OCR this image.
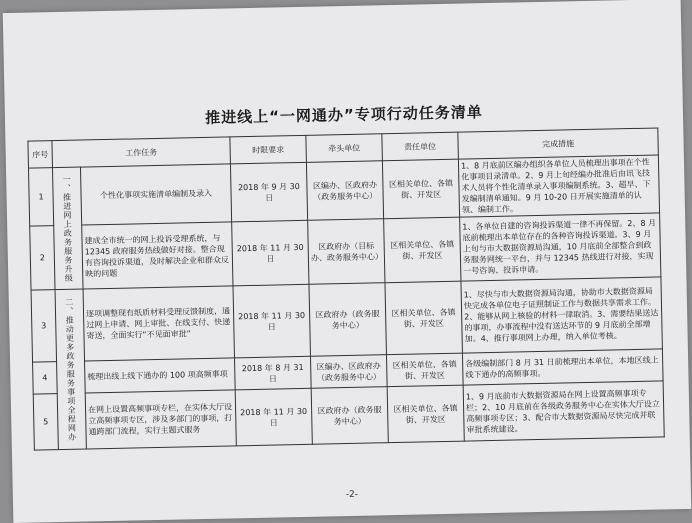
推进线上“一网通办”专项行动任务清单
序号	工作任务		时限要求	牵头单位	责任单位	完成措施
1	一、推进网上政务服务升级	个性化事项实施清单编制及录入	2018 年 9 月 30 日	区编办、区政府办（政务服务中心）	区相关单位、各镇街、开发区	1、8 月底前区编办组织各单位人员梳理出事项在个性化事项目录清单。2、9 月上旬经编办批准后由讯飞技术人员将个性化清单录入事项编制系统。3、超早、下发编制清单通知。9 月 10-20 日开展实施清单的认领、编制工作。
2		建成全市统一的网上投诉受理系统，与 12345 政府服务热线做好对接。整合现有咨询投诉渠道，及时解决企业和群众反映的问题	2018 年 11 月 30 日	区政府办（目标办、政务服务中心）	区相关单位、各镇街、开发区	1、各单位自建的咨询投诉渠道一律不再保留。2、8 月底前梳理出本单位存在的各种咨询投诉渠道。3、9 月上旬与市大数据资源局沟通，10 月底前全部整合到政务服务网统一平台，并与 12345 热线进行对接，实现一号咨询、投诉申请。
3	二、推动更多政务服务事项全程网办	逐项调整现有纸质材料受理反馈制度，通过网上申请、网上审批、在线支付、快递寄送，全面实行“不见面审批”	2018 年 11 月 30 日	区政府办（政务服务中心）	区相关单位、各镇街、开发区	1、尽快与市大数据资源局沟通，协助市大数据资源局快完成各单位电子证照制证工作与数据共享需求工作。2、能够从网上核验的材料一律取消。3、需要结果送达的事项，办事流程中没有送达环节的 9 月底前全部增加。4、推行事项网上办理，纳入单位考核。
4		梳理出线上线下通办的 100 项高频事项	2018 年 8 月 31 日	区编办、区政府办（政务服务中心）	区相关单位、各镇街、开发区	各级编制部门 8 月 31 日前梳理出本单位，本地区线上线下通办的高频事项。
5		在网上设置高频事项专栏，在实体大厅设立高频事项专区，涉及多部门的事项，打通跨部门流程，实行主题式服务	2018 年 11 月 30 日	区政府办（政务服务中心）	区相关单位、各镇街、开发区	1、9 月底前市大数据资源局在网上设置高频事项专栏；2、10 月底前在各级政务服务中心在实体大厅设立高频事项专区；3、配合市大数据资源局尽快完成并联审批系统建设。
-2-
